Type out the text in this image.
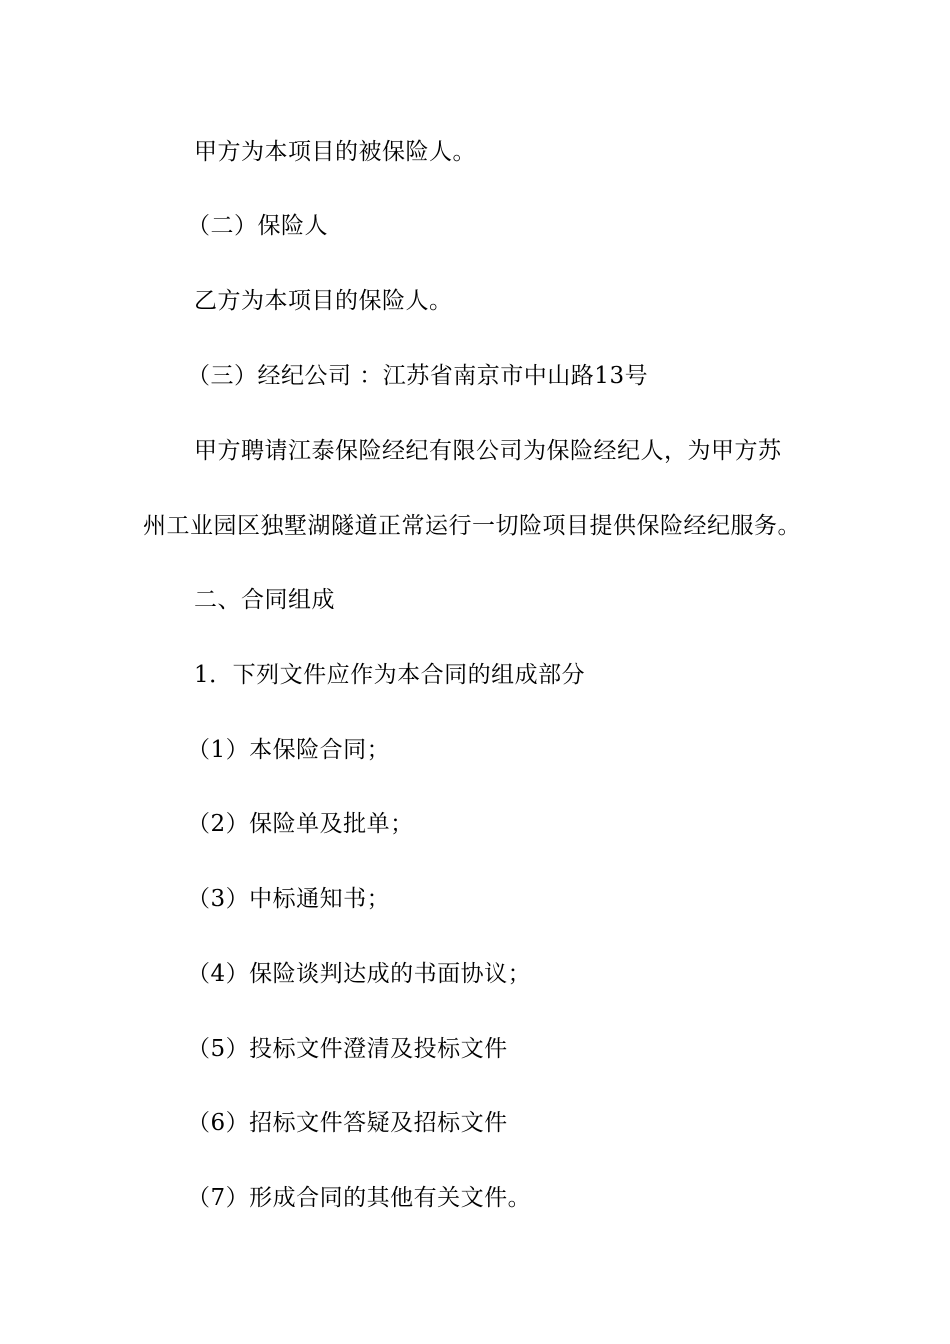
甲方为本项目的被保险人。
（二）保险人
乙方为本项目的保险人。
（三）经纪公司 ：江苏省南京市中山路13号
甲方聘请江泰保险经纪有限公司为保险经纪人，为甲方苏
州工业园区独墅湖隧道正常运行一切险项目提供保险经纪服务。
二、合同组成
1．下列文件应作为本合同的组成部分
（1）本保险合同；
（2）保险单及批单；
（3）中标通知书；
（4）保险谈判达成的书面协议；
（5）投标文件澄清及投标文件
（6）招标文件答疑及招标文件
（7）形成合同的其他有关文件。
